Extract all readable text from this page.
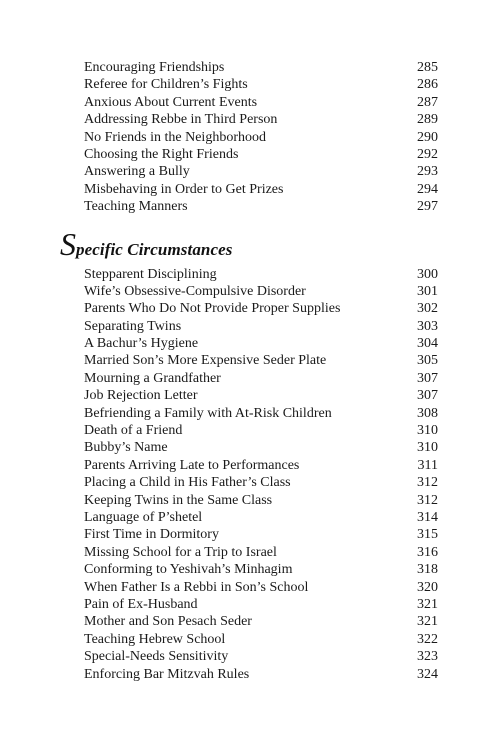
Encouraging Friendships	285
Referee for Children’s Fights	286
Anxious About Current Events	287
Addressing Rebbe in Third Person	289
No Friends in the Neighborhood	290
Choosing the Right Friends	292
Answering a Bully	293
Misbehaving in Order to Get Prizes	294
Teaching Manners	297
S pecific Circumstances
Stepparent Disciplining	300
Wife’s Obsessive-Compulsive Disorder	301
Parents Who Do Not Provide Proper Supplies	302
Separating Twins	303
A Bachur’s Hygiene	304
Married Son’s More Expensive Seder Plate	305
Mourning a Grandfather	307
Job Rejection Letter	307
Befriending a Family with At-Risk Children	308
Death of a Friend	310
Bubby’s Name	310
Parents Arriving Late to Performances	311
Placing a Child in His Father’s Class	312
Keeping Twins in the Same Class	312
Language of P’shetel	314
First Time in Dormitory	315
Missing School for a Trip to Israel	316
Conforming to Yeshivah’s Minhagim	318
When Father Is a Rebbi in Son’s School	320
Pain of Ex-Husband	321
Mother and Son Pesach Seder	321
Teaching Hebrew School	322
Special-Needs Sensitivity	323
Enforcing Bar Mitzvah Rules	324
